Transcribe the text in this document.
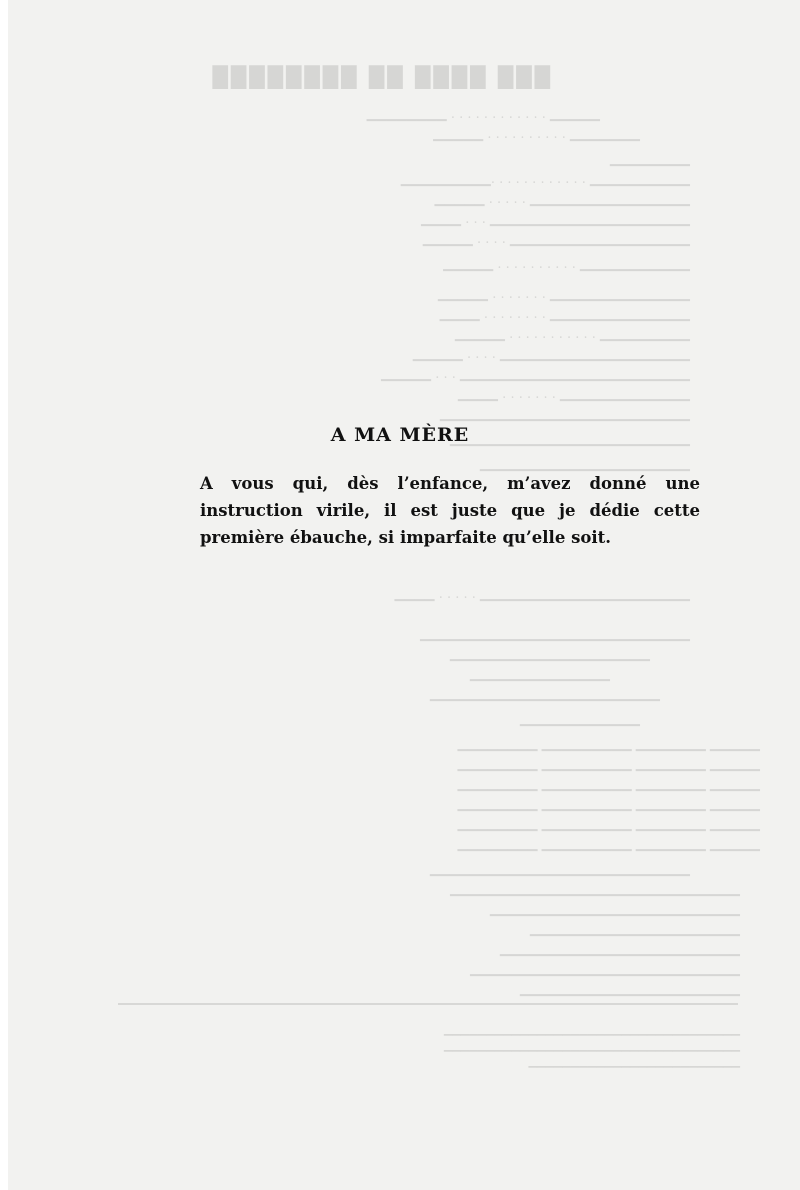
███ ████ ██ ████████
▁▁▁▁▁ . . . . . . . . . . . . ▁▁▁▁▁▁▁▁
▁▁▁▁▁▁▁ . . . . . . . . . . ▁▁▁▁▁
▁▁▁▁▁▁▁▁
▁▁▁▁▁▁▁▁▁▁ . . . . . . . . . . . .▁▁▁▁▁▁▁▁▁
▁▁▁▁▁▁▁▁▁▁▁▁▁▁▁▁ . . . . . ▁▁▁▁▁
▁▁▁▁▁▁▁▁▁▁▁▁▁▁▁▁▁▁▁▁ . . . ▁▁▁▁
▁▁▁▁▁▁▁▁▁▁▁▁▁▁▁▁▁▁ . . . . ▁▁▁▁▁
▁▁▁▁▁▁▁▁▁▁▁ . . . . . . . . . . ▁▁▁▁▁
▁▁▁▁▁▁▁▁▁▁▁▁▁▁ . . . . . . . ▁▁▁▁▁
▁▁▁▁▁▁▁▁▁▁▁▁▁▁ . . . . . . . . ▁▁▁▁
▁▁▁▁▁▁▁▁▁ . . . . . . . . . . . ▁▁▁▁▁
▁▁▁▁▁▁▁▁▁▁▁▁▁▁▁▁▁▁▁ . . . . ▁▁▁▁▁
▁▁▁▁▁▁▁▁▁▁▁▁▁▁▁▁▁▁▁▁▁▁▁ . . . ▁▁▁▁▁
▁▁▁▁▁▁▁▁▁▁▁▁▁ . . . . . . . ▁▁▁▁
▁▁▁▁▁▁▁▁▁▁▁▁▁▁▁▁▁▁▁▁▁▁▁▁▁
▁▁▁▁▁▁▁▁▁▁▁▁▁▁▁▁▁▁▁▁▁▁▁▁
▁▁▁▁▁▁▁▁▁▁▁▁▁▁▁▁▁▁▁▁▁
▁▁▁▁▁▁▁▁▁▁▁▁▁▁▁▁▁▁▁▁▁ . . . . . ▁▁▁▁
▁▁▁▁▁▁▁▁▁▁▁▁▁▁▁▁▁▁▁▁▁▁▁▁▁▁▁
▁▁▁▁▁▁▁▁▁▁▁▁▁▁▁▁▁▁▁▁
▁▁▁▁▁▁▁▁▁▁▁▁▁▁
▁▁▁▁▁▁▁▁▁▁▁▁▁▁▁▁▁▁▁▁▁▁▁
▁▁▁▁▁▁▁▁▁▁▁▁
▁▁▁▁▁ ▁▁▁▁▁▁▁ ▁▁▁▁▁▁▁▁▁ ▁▁▁▁▁▁▁▁
▁▁▁▁▁ ▁▁▁▁▁▁▁ ▁▁▁▁▁▁▁▁▁ ▁▁▁▁▁▁▁▁
▁▁▁▁▁ ▁▁▁▁▁▁▁ ▁▁▁▁▁▁▁▁▁ ▁▁▁▁▁▁▁▁
▁▁▁▁▁ ▁▁▁▁▁▁▁ ▁▁▁▁▁▁▁▁▁ ▁▁▁▁▁▁▁▁
▁▁▁▁▁ ▁▁▁▁▁▁▁ ▁▁▁▁▁▁▁▁▁ ▁▁▁▁▁▁▁▁
▁▁▁▁▁ ▁▁▁▁▁▁▁ ▁▁▁▁▁▁▁▁▁ ▁▁▁▁▁▁▁▁
▁▁▁▁▁▁▁▁▁▁▁▁▁▁▁▁▁▁▁▁▁▁▁▁▁▁
▁▁▁▁▁▁▁▁▁▁▁▁▁▁▁▁▁▁▁▁▁▁▁▁▁▁▁▁▁
▁▁▁▁▁▁▁▁▁▁▁▁▁▁▁▁▁▁▁▁▁▁▁▁▁
▁▁▁▁▁▁▁▁▁▁▁▁▁▁▁▁▁▁▁▁▁
▁▁▁▁▁▁▁▁▁▁▁▁▁▁▁▁▁▁▁▁▁▁▁▁
▁▁▁▁▁▁▁▁▁▁▁▁▁▁▁▁▁▁▁▁▁▁▁▁▁▁▁
▁▁▁▁▁▁▁▁▁▁▁▁▁▁▁▁▁▁▁▁▁▁
▁▁▁▁▁▁▁▁▁▁▁▁▁▁▁▁▁▁▁▁▁▁▁▁▁▁▁▁▁▁▁▁▁▁▁
▁▁▁▁▁▁▁▁▁▁▁▁▁▁▁▁▁▁▁▁▁▁▁▁▁▁▁▁▁▁▁▁▁▁▁
▁▁▁▁▁▁▁▁▁▁▁▁▁▁▁▁▁▁▁▁▁▁▁▁▁
A MA MÈRE
A vous qui, dès l’enfance, m’avez donné une instruction virile, il est juste que je dédie cette première ébauche, si imparfaite qu’elle soit.
